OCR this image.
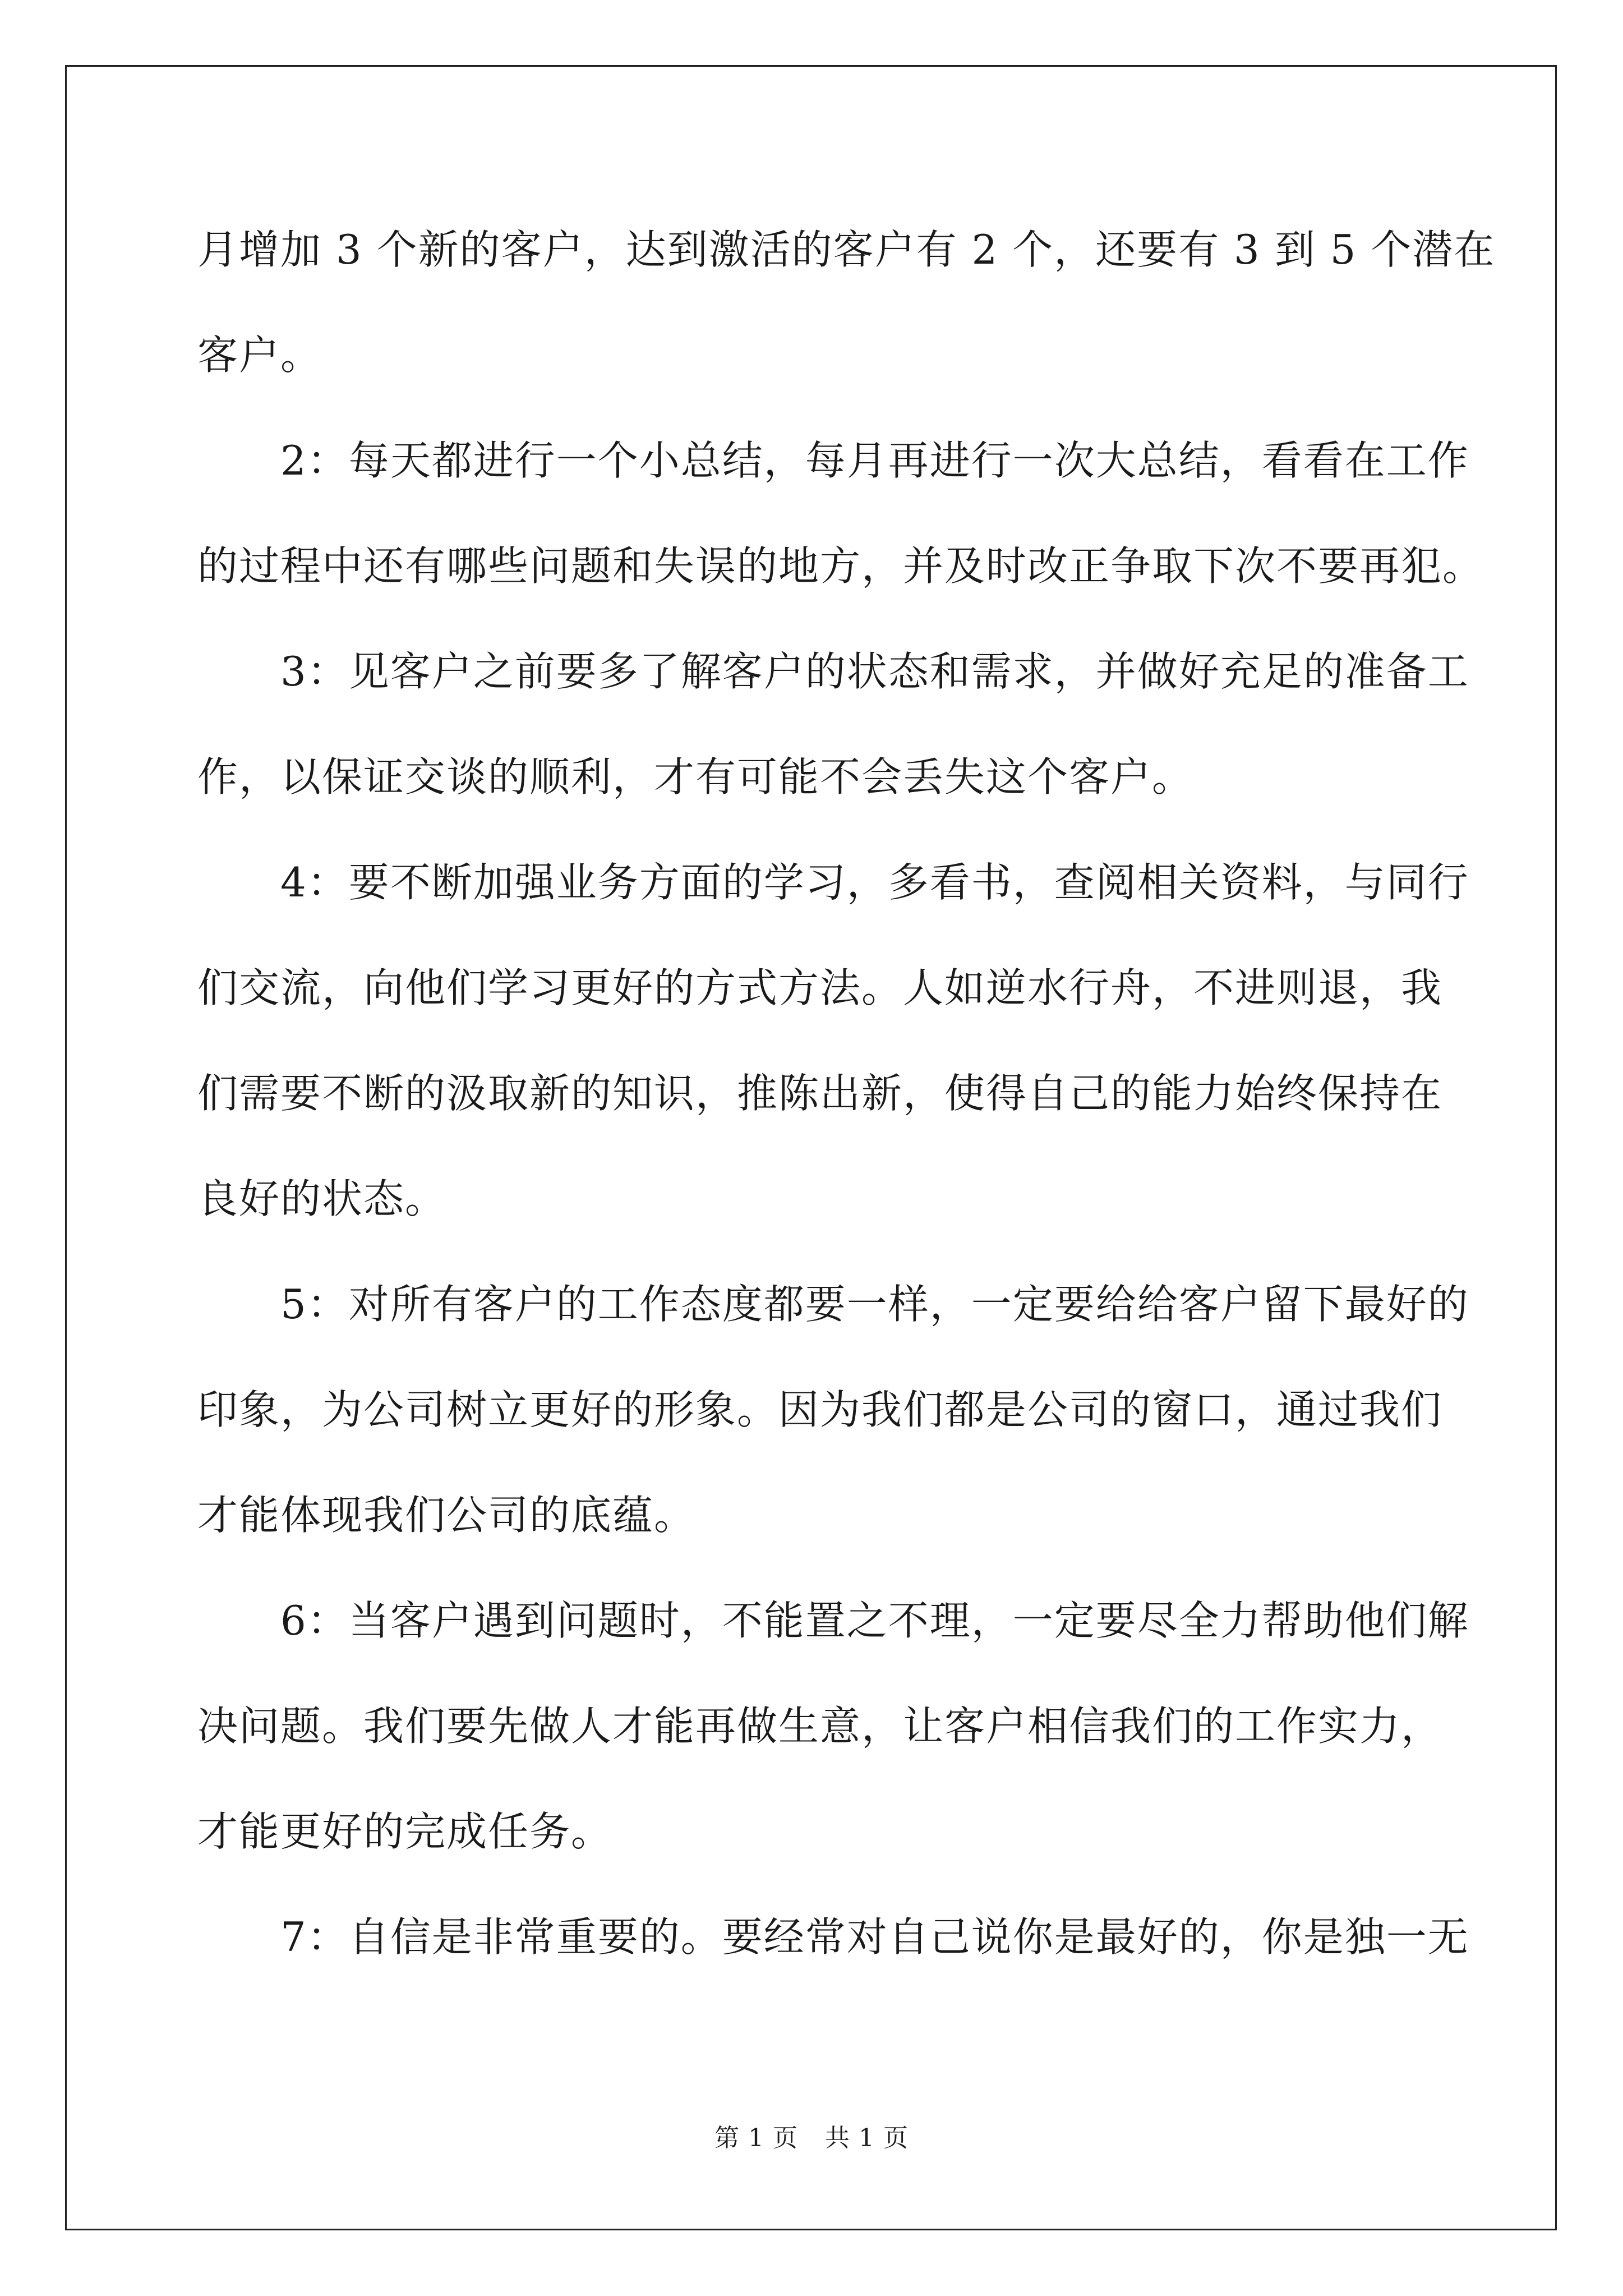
月增加 3 个新的客户，达到激活的客户有 2 个，还要有 3 到 5 个潜在
客户。
2：每天都进行一个小总结，每月再进行一次大总结，看看在工作
的过程中还有哪些问题和失误的地方，并及时改正争取下次不要再犯。
3：见客户之前要多了解客户的状态和需求，并做好充足的准备工
作，以保证交谈的顺利，才有可能不会丢失这个客户。
4：要不断加强业务方面的学习，多看书，查阅相关资料，与同行
们交流，向他们学习更好的方式方法。人如逆水行舟，不进则退，我
们需要不断的汲取新的知识，推陈出新，使得自己的能力始终保持在
良好的状态。
5：对所有客户的工作态度都要一样，一定要给给客户留下最好的
印象，为公司树立更好的形象。因为我们都是公司的窗口，通过我们
才能体现我们公司的底蕴。
6：当客户遇到问题时，不能置之不理，一定要尽全力帮助他们解
决问题。我们要先做人才能再做生意，让客户相信我们的工作实力，
才能更好的完成任务。
7：自信是非常重要的。要经常对自己说你是最好的，你是独一无
第 1 页 共 1 页
